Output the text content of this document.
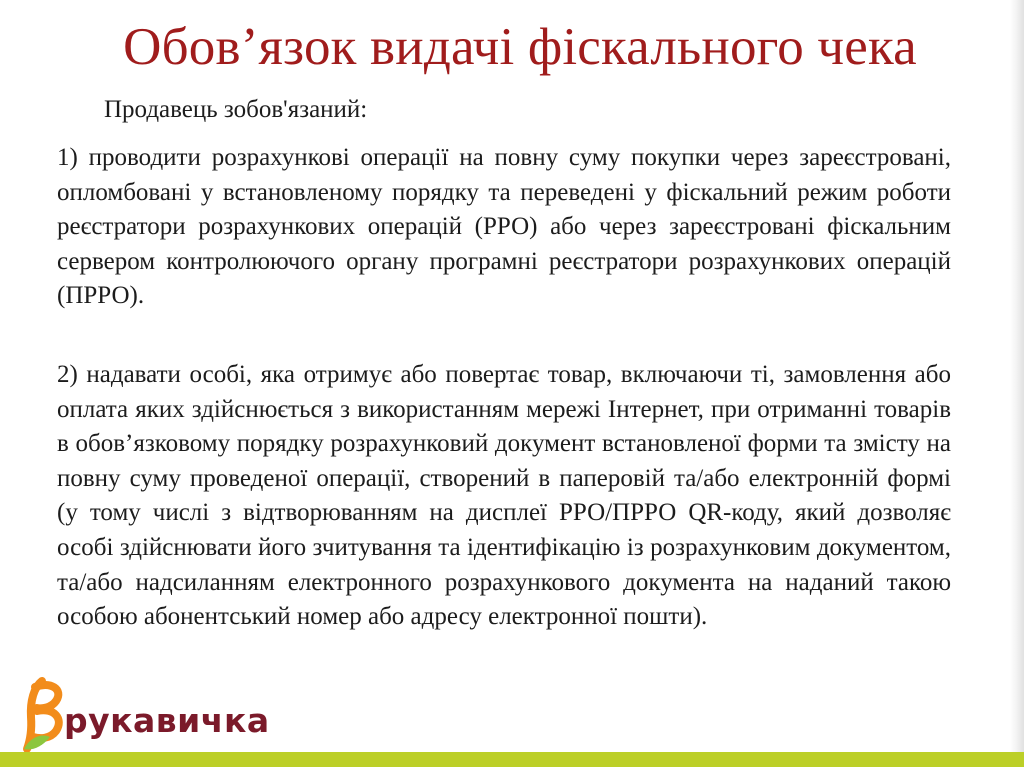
Обов’язок видачі фіскального чека
Продавець зобов'язаний:
1) проводити розрахункові операції на повну суму покупки через зареєстровані, опломбовані у встановленому порядку та переведені у фіскальний режим роботи реєстратори розрахункових операцій (РРО) або через зареєстровані фіскальним сервером контролюючого органу програмні реєстратори розрахункових операцій (ПРРО).
2) надавати особі, яка отримує або повертає товар, включаючи ті, замовлення або оплата яких здійснюється з використанням мережі Інтернет, при отриманні товарів в обов’язковому порядку розрахунковий документ встановленої форми та змісту на повну суму проведеної операції, створений в паперовій та/або електронній формі (у тому числі з відтворюванням на дисплеї РРО/ПРРО QR-коду, який дозволяє особі здійснювати його зчитування та ідентифікацію із розрахунковим документом, та/або надсиланням електронного розрахункового документа на наданий такою особою абонентський номер або адресу електронної пошти).
рукавичка
